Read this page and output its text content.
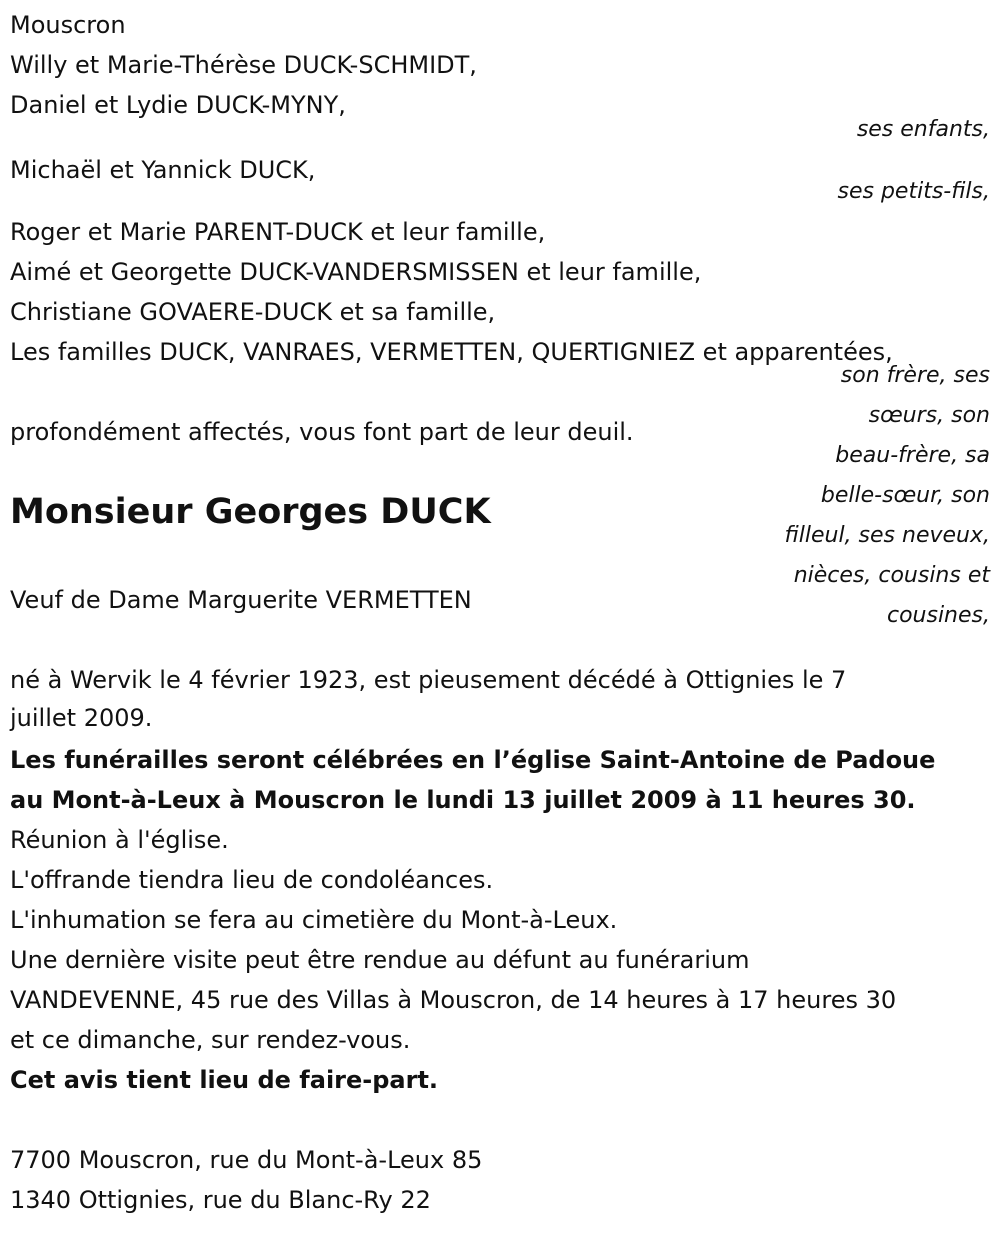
Mouscron
Willy et Marie-Thérèse DUCK-SCHMIDT,
Daniel et Lydie DUCK-MYNY,
ses enfants,
Michaël et Yannick DUCK,
ses petits-fils,
Roger et Marie PARENT-DUCK et leur famille,
Aimé et Georgette DUCK-VANDERSMISSEN et leur famille,
Christiane GOVAERE-DUCK et sa famille,
Les familles DUCK, VANRAES, VERMETTEN, QUERTIGNIEZ et apparentées,
son frère, ses
sœurs, son
beau-frère, sa
belle-sœur, son
filleul, ses neveux,
nièces, cousins et
cousines,
profondément affectés, vous font part de leur deuil.
Monsieur Georges DUCK
Veuf de Dame Marguerite VERMETTEN
né à Wervik le 4 février 1923, est pieusement décédé à Ottignies le 7
juillet 2009.
Les funérailles seront célébrées en l’église Saint-Antoine de Padoue
au Mont-à-Leux à Mouscron le lundi 13 juillet 2009 à 11 heures 30.
Réunion à l'église.
L'offrande tiendra lieu de condoléances.
L'inhumation se fera au cimetière du Mont-à-Leux.
Une dernière visite peut être rendue au défunt au funérarium
VANDEVENNE, 45 rue des Villas à Mouscron, de 14 heures à 17 heures 30
et ce dimanche, sur rendez-vous.
Cet avis tient lieu de faire-part.
7700 Mouscron, rue du Mont-à-Leux 85
1340 Ottignies, rue du Blanc-Ry 22
